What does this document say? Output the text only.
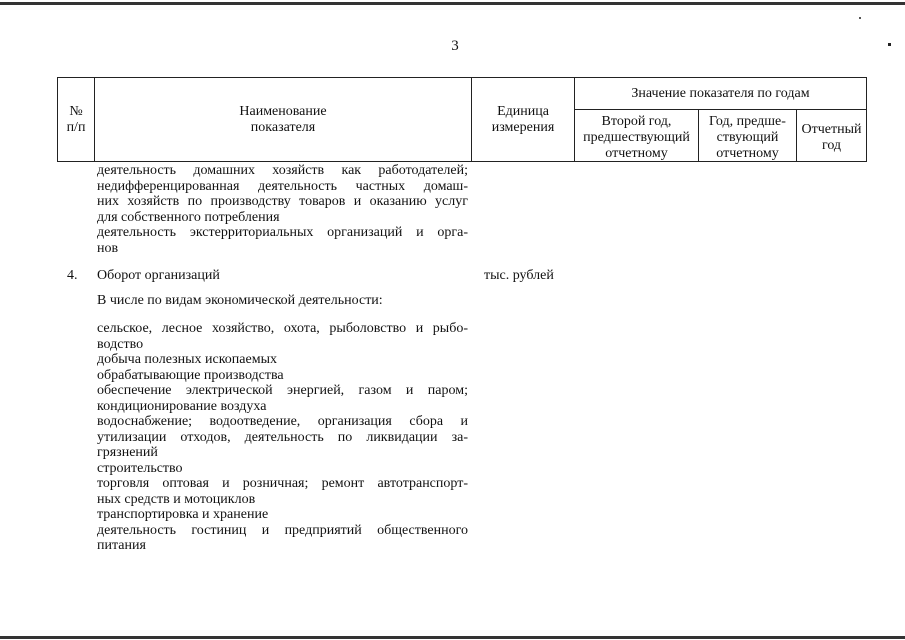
3
№
п/п
Наименование
показателя
Единица
измерения
Значение показателя по годам
Второй год,
предшествующий
отчетному
Год, предше-
ствующий
отчетному
Отчетный
год
деятельность домашних хозяйств как работодателей;
недифференцированная деятельность частных домаш-
них хозяйств по производству товаров и оказанию услуг
для собственного потребления
деятельность экстерриториальных организаций и орга-
нов
4. Оборот организаций	тыс. рублей
В числе по видам экономической деятельности:
сельское, лесное хозяйство, охота, рыболовство и рыбо-
водство
добыча полезных ископаемых
обрабатывающие производства
обеспечение электрической энергией, газом и паром;
кондиционирование воздуха
водоснабжение; водоотведение, организация сбора и
утилизации отходов, деятельность по ликвидации за-
грязнений
строительство
торговля оптовая и розничная; ремонт автотранспорт-
ных средств и мотоциклов
транспортировка и хранение
деятельность гостиниц и предприятий общественного
питания
